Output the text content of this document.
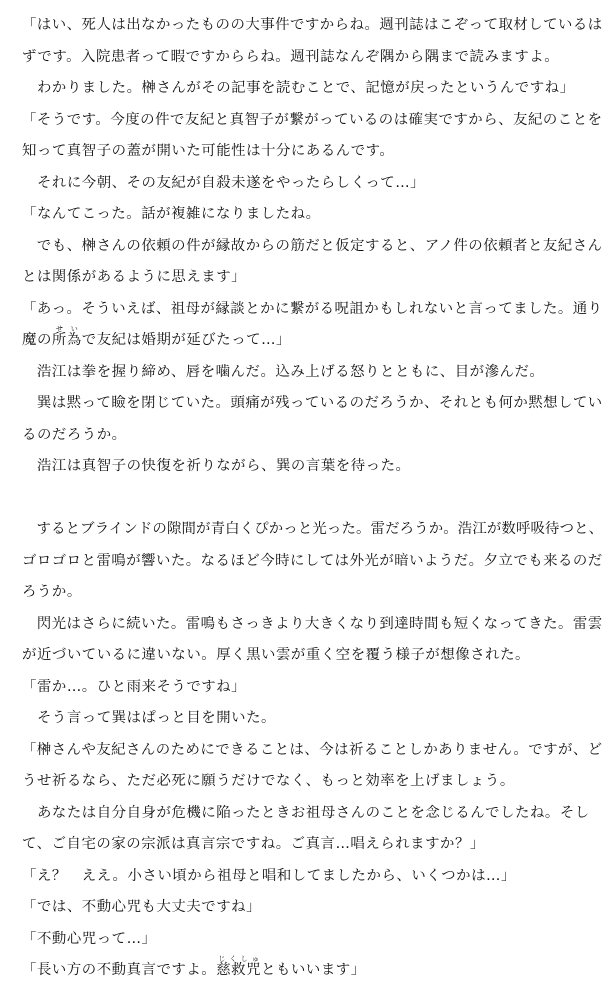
「はい、死人は出なかったものの大事件ですからね。週刊誌はこぞって取材しているは
ずです。入院患者って暇ですかららね。週刊誌なんぞ隅から隅まで読みますよ。
　わかりました。榊さんがその記事を読むことで、記憶が戻ったというんですね」
「そうです。今度の件で友紀と真智子が繋がっているのは確実ですから、友紀のことを
知って真智子の蓋が開いた可能性は十分にあるんです。
　それに今朝、その友紀が自殺未遂をやったらしくって…」
「なんてこった。話が複雑になりましたね。
　でも、榊さんの依頼の件が縁故からの筋だと仮定すると、アノ件の依頼者と友紀さん
とは関係があるように思えます」
「あっ。そういえば、祖母が縁談とかに繋がる呪詛かもしれないと言ってました。通り
魔の所為せいで友紀は婚期が延びたって…」
　浩江は拳を握り締め、唇を噛んだ。込み上げる怒りとともに、目が滲んだ。
　巽は黙って瞼を閉じていた。頭痛が残っているのだろうか、それとも何か黙想してい
るのだろうか。
　浩江は真智子の快復を祈りながら、巽の言葉を待った。
　するとブラインドの隙間が青白くぴかっと光った。雷だろうか。浩江が数呼吸待つと、
ゴロゴロと雷鳴が響いた。なるほど今時にしては外光が暗いようだ。夕立でも来るのだ
ろうか。
　閃光はさらに続いた。雷鳴もさっきより大きくなり到達時間も短くなってきた。雷雲
が近づいているに違いない。厚く黒い雲が重く空を覆う様子が想像された。
「雷か…。ひと雨来そうですね」
　そう言って巽はぱっと目を開いた。
「榊さんや友紀さんのためにできることは、今は祈ることしかありません。ですが、ど
うせ祈るなら、ただ必死に願うだけでなく、もっと効率を上げましょう。
　あなたは自分自身が危機に陥ったときお祖母さんのことを念じるんでしたね。そし
て、ご自宅の家の宗派は真言宗ですね。ご真言…唱えられますか？」
「え？　ええ。小さい頃から祖母と唱和してましたから、いくつかは…」
「では、不動心咒も大丈夫ですね」
「不動心咒って…」
「長い方の不動真言ですよ。慈救咒じくしゅともいいます」
